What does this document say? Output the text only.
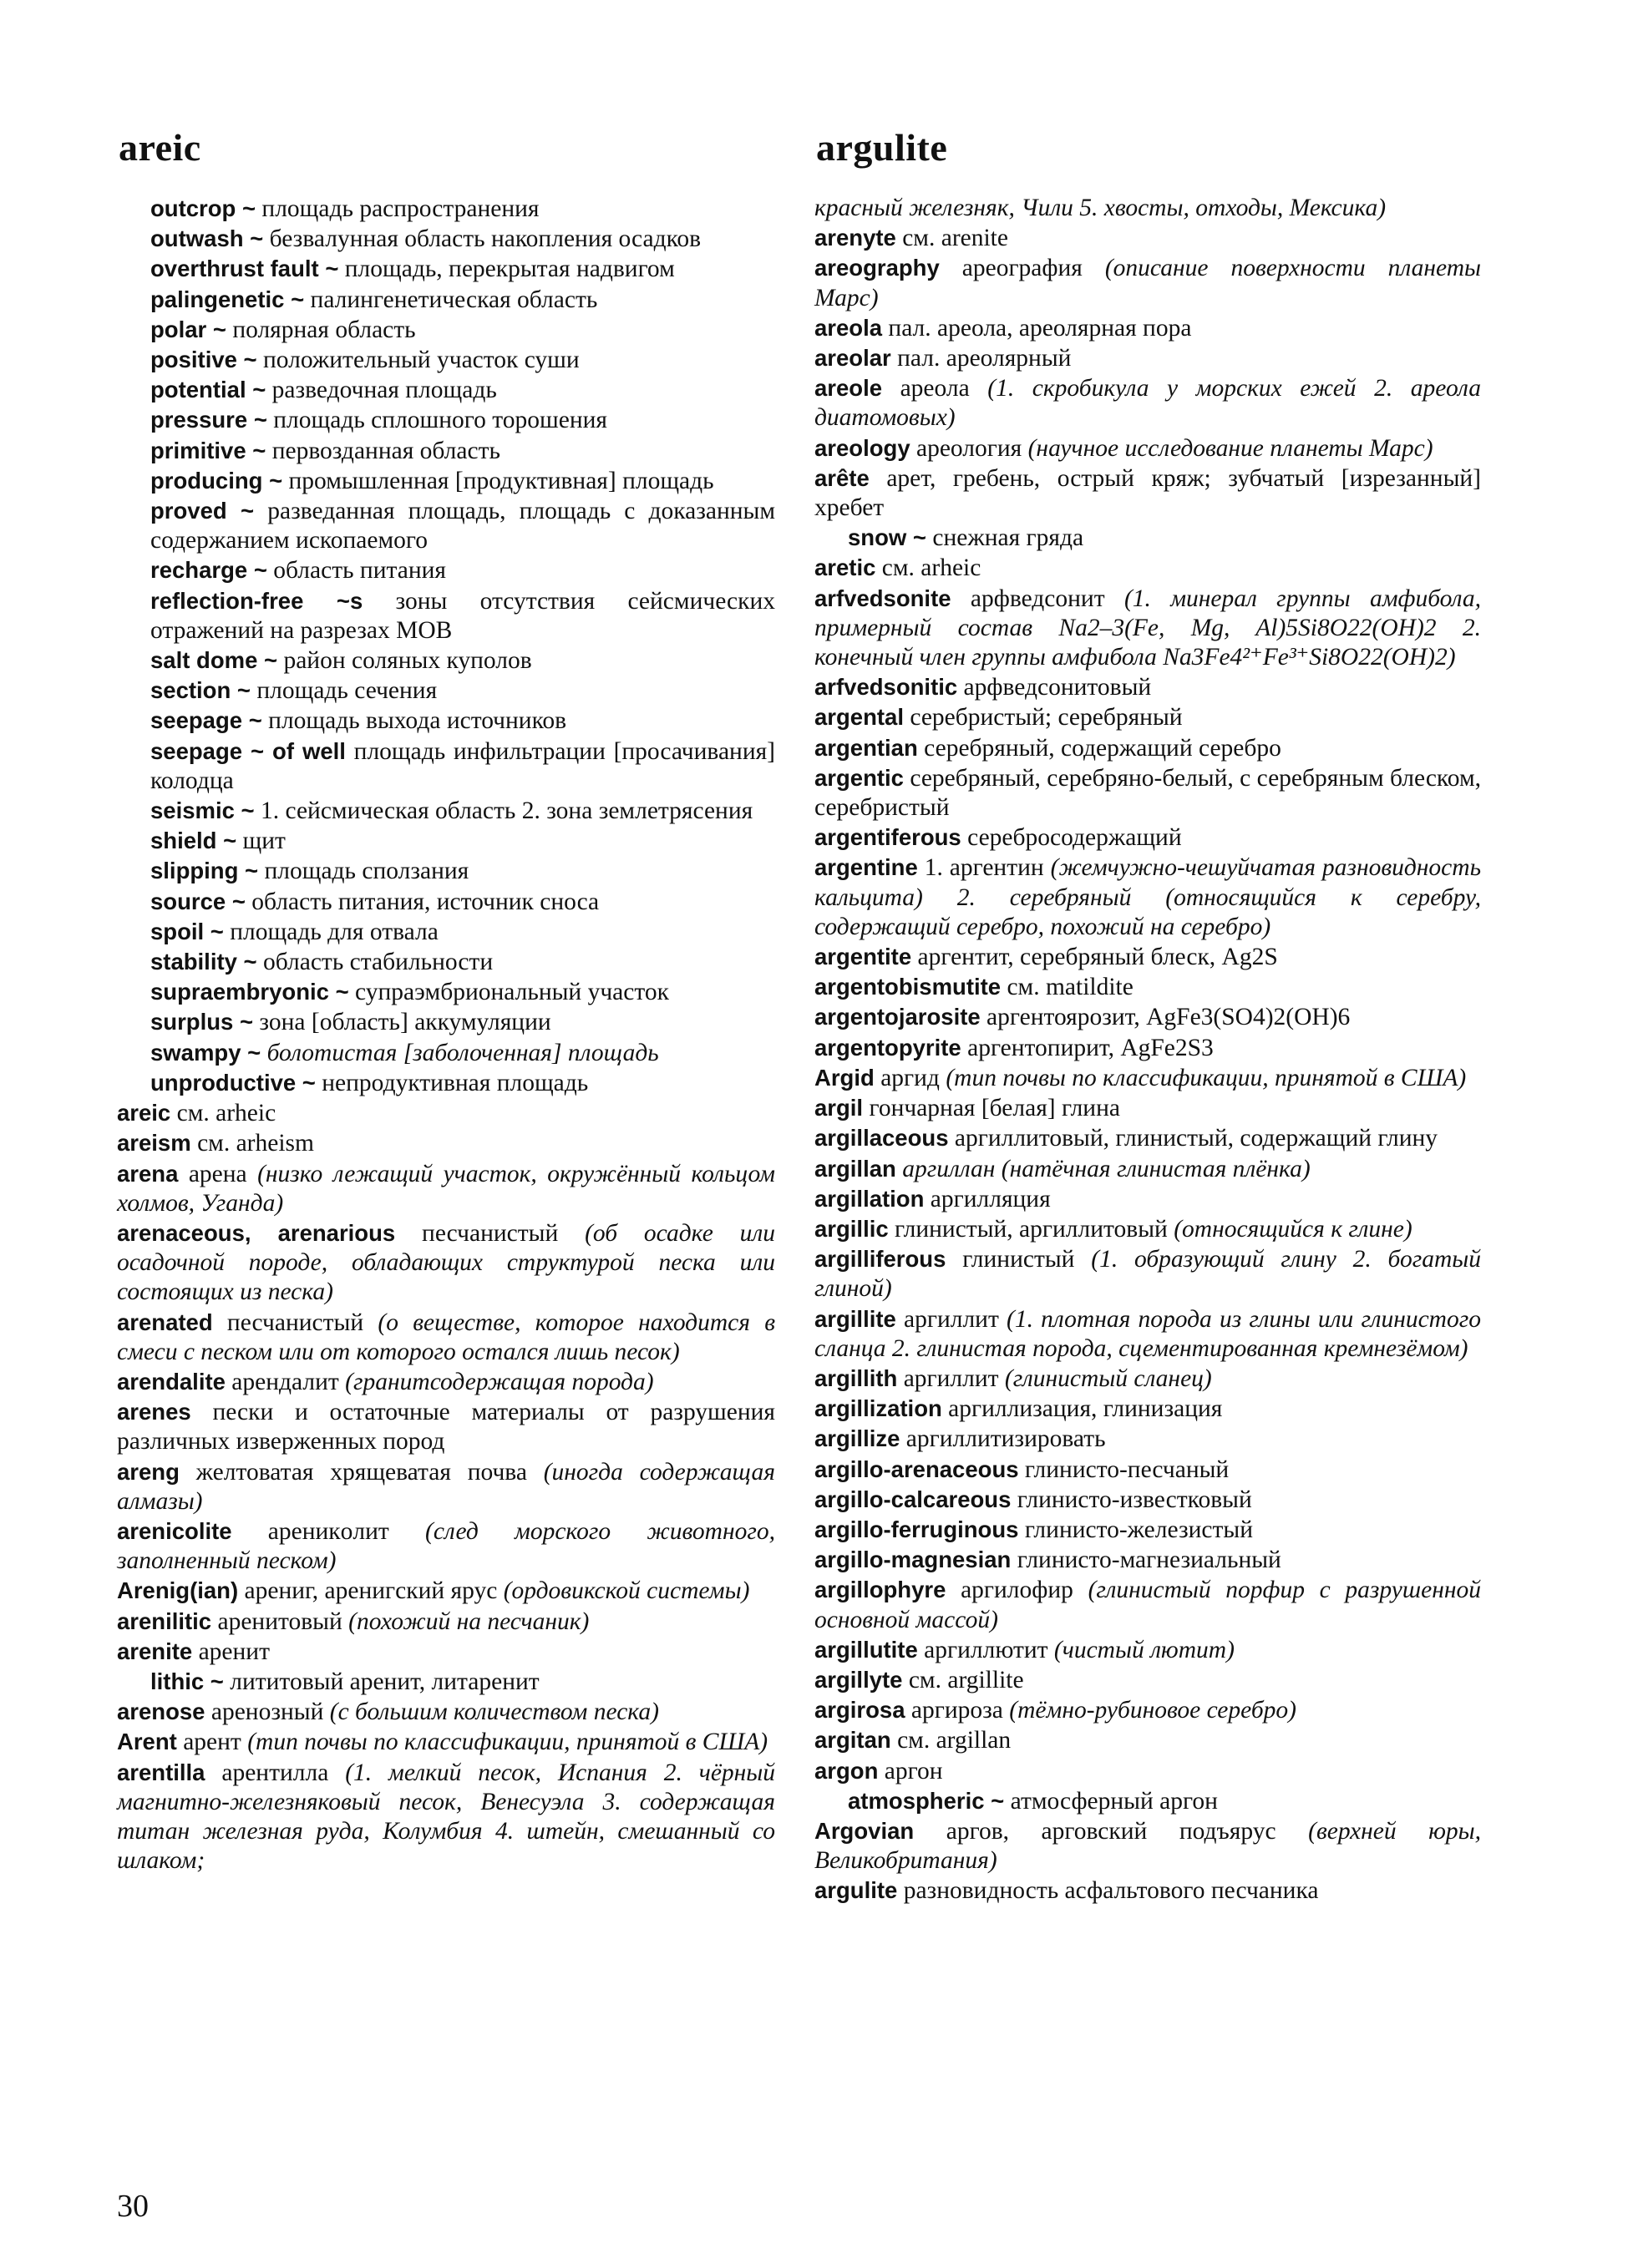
areic	argulite
outcrop ~ площадь распространения
outwash ~ безвалунная область накопления осадков
overthrust fault ~ площадь, перекрытая надвигом
palingenetic ~ палингенетическая область
polar ~ полярная область
positive ~ положительный участок суши
potential ~ разведочная площадь
pressure ~ площадь сплошного торошения
primitive ~ первозданная область
producing ~ промышленная [продуктивная] площадь
proved ~ разведанная площадь, площадь с доказанным содержанием ископаемого
recharge ~ область питания
reflection-free ~s зоны отсутствия сейсмических отражений на разрезах МОВ
salt dome ~ район соляных куполов
section ~ площадь сечения
seepage ~ площадь выхода источников
seepage ~ of well площадь инфильтрации [просачивания] колодца
seismic ~ 1. сейсмическая область 2. зона землетрясения
shield ~ щит
slipping ~ площадь сползания
source ~ область питания, источник сноса
spoil ~ площадь для отвала
stability ~ область стабильности
supraembryonic ~ супраэмбриональный участок
surplus ~ зона [область] аккумуляции
swampy ~ болотистая [заболоченная] площадь
unproductive ~ непродуктивная площадь
areic см. arheic
areism см. arheism
arena арена (низко лежащий участок, окружённый кольцом холмов, Уганда)
arenaceous, arenarious песчанистый (об осадке или осадочной породе, обладающих структурой песка или состоящих из песка)
arenated песчанистый (о веществе, которое находится в смеси с песком или от которого остался лишь песок)
arendalite арендалит (гранитсодержащая порода)
arenes пески и остаточные материалы от разрушения различных изверженных пород
areng желтоватая хрящеватая почва (иногда содержащая алмазы)
arenicolite ареникoлит (след морского животного, заполненный песком)
Arenig(ian) арениг, аренигский ярус (ордовикской системы)
arenilitic аренитовый (похожий на песчаник)
arenite аренит
lithic ~ лититовый аренит, литаренит
arenose аренозный (с большим количеством песка)
Arent арент (тип почвы по классификации, принятой в США)
arentilla арентилла (1. мелкий песок, Испания 2. чёрный магнитно-железняковый песок, Венесуэла 3. содержащая титан железная руда, Колумбия 4. штейн, смешанный со шлаком;
красный железняк, Чили 5. хвосты, отходы, Мексика)
arenyte см. arenite
areography ареография (описание поверхности планеты Марс)
areola пал. ареола, ареолярная пора
areolar пал. ареолярный
areole ареола (1. скробикула у морских ежей 2. ареола диатомовых)
areology ареология (научное исследование планеты Марс)
arête арет, гребень, острый кряж; зубчатый [изрезанный] хребет
snow ~ снежная гряда
aretic см. arheic
arfvedsonite арфведсонит (1. минерал группы амфибола, примерный состав Na2–3(Fe, Mg, Al)5Si8O22(OH)2 2. конечный член группы амфибола Na3Fe4²⁺Fe³⁺Si8O22(OH)2)
arfvedsonitic арфведсонитовый
argental серебристый; серебряный
argentian серебряный, содержащий серебро
argentic серебряный, серебряно-белый, с серебряным блеском, серебристый
argentiferous сереброcодержащий
argentine 1. аргентин (жемчужно-чешуйчатая разновидность кальцита) 2. серебряный (относящийся к серебру, содержащий серебро, похожий на серебро)
argentite аргентит, серебряный блеск, Ag2S
argentobismutite см. matildite
argentojarosite аргентоярозит, AgFe3(SO4)2(OH)6
argentopyrite аргентопирит, AgFe2S3
Argid аргид (тип почвы по классификации, принятой в США)
argil гончарная [белая] глина
argillaceous аргиллитовый, глинистый, содержащий глину
argillan аргиллан (натёчная глинистая плёнка)
argillation аргилляция
argillic глинистый, аргиллитовый (относящийся к глине)
argilliferous глинистый (1. образующий глину 2. богатый глиной)
argillite аргиллит (1. плотная порода из глины или глинистого сланца 2. глинистая порода, сцементированная кремнезёмом)
argillith аргиллит (глинистый сланец)
argillization аргиллизация, глинизация
argillize аргиллитизировать
argillo-arenaceous глинисто-песчаный
argillo-calcareous глинисто-известковый
argillo-ferruginous глинисто-железистый
argillo-magnesian глинисто-магнезиальный
argillophyre аргилофир (глинистый порфир с разрушенной основной массой)
argillutite аргиллютит (чистый лютит)
argillyte см. argillite
argirosa аргироза (тёмно-рубиновое серебро)
argitan см. argillan
argon аргон
atmospheric ~ атмосферный аргон
Argovian аргов, арговский подъярус (верхней юры, Великобритания)
argulite разновидность асфальтового песчаника
30
